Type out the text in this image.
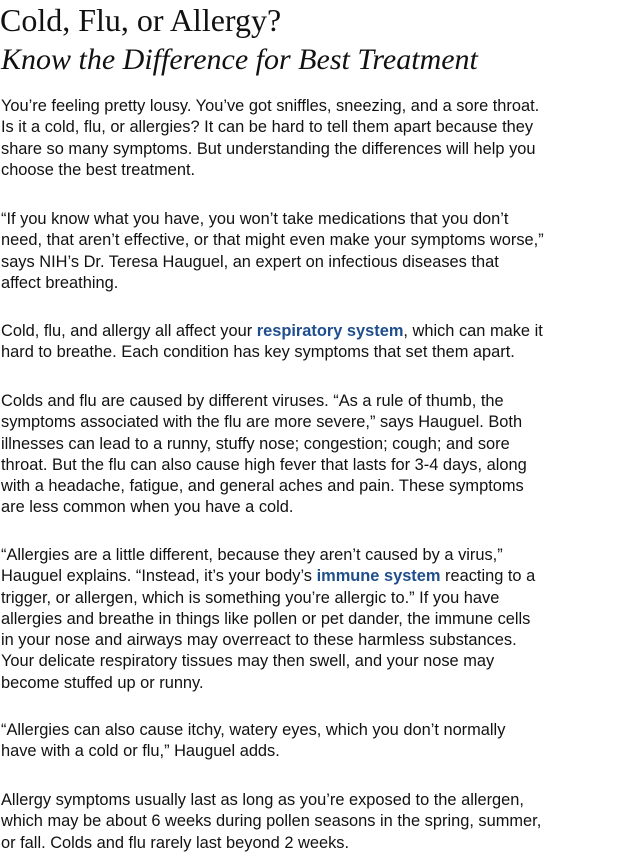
Cold, Flu, or Allergy?
Know the Difference for Best Treatment

You’re feeling pretty lousy. You’ve got sniffles, sneezing, and a sore throat.
Is it a cold, flu, or allergies? It can be hard to tell them apart because they
share so many symptoms. But understanding the differences will help you
choose the best treatment.

“If you know what you have, you won’t take medications that you don’t
need, that aren’t effective, or that might even make your symptoms worse,”
says NIH’s Dr. Teresa Hauguel, an expert on infectious diseases that
affect breathing.

Cold, flu, and allergy all affect your respiratory system, which can make it
hard to breathe. Each condition has key symptoms that set them apart.

Colds and flu are caused by different viruses. “As a rule of thumb, the
symptoms associated with the flu are more severe,” says Hauguel. Both
illnesses can lead to a runny, stuffy nose; congestion; cough; and sore
throat. But the flu can also cause high fever that lasts for 3-4 days, along
with a headache, fatigue, and general aches and pain. These symptoms
are less common when you have a cold.

“Allergies are a little different, because they aren’t caused by a virus,”
Hauguel explains. “Instead, it’s your body’s immune system reacting to a
trigger, or allergen, which is something you’re allergic to.” If you have
allergies and breathe in things like pollen or pet dander, the immune cells
in your nose and airways may overreact to these harmless substances.
Your delicate respiratory tissues may then swell, and your nose may
become stuffed up or runny.

“Allergies can also cause itchy, watery eyes, which you don’t normally
have with a cold or flu,” Hauguel adds.

Allergy symptoms usually last as long as you’re exposed to the allergen,
which may be about 6 weeks during pollen seasons in the spring, summer,
or fall. Colds and flu rarely last beyond 2 weeks.
